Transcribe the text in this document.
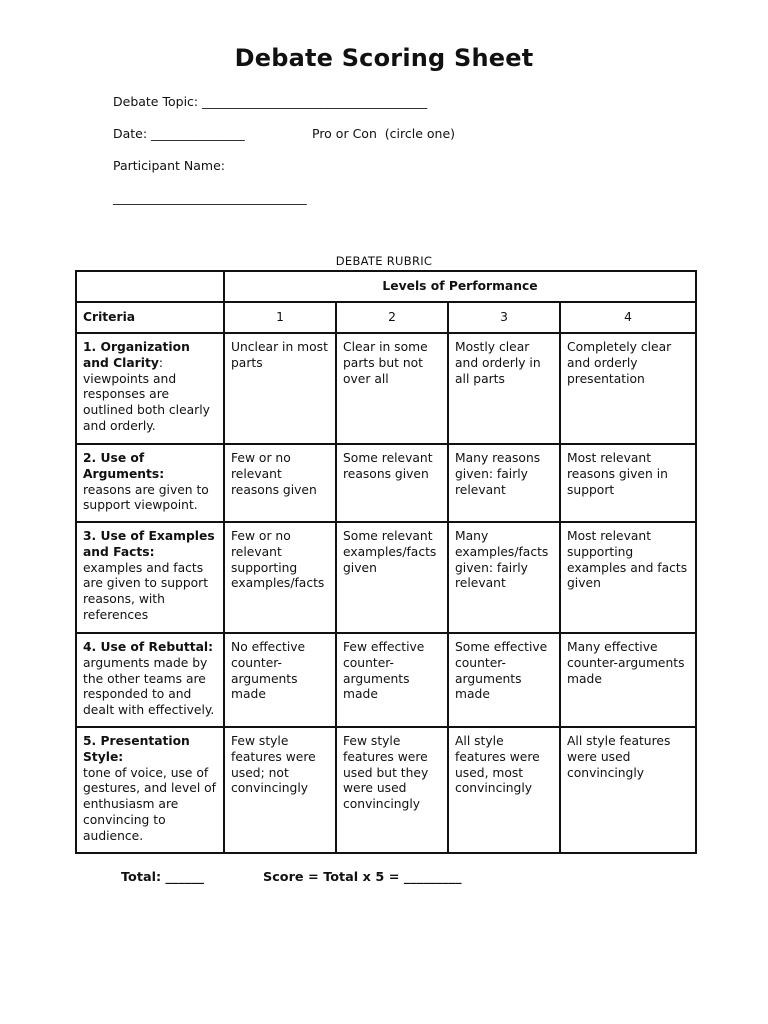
Debate Scoring Sheet
Debate Topic: ____________________________________
Date: _______________	Pro or Con  (circle one)
Participant Name:
_______________________________
DEBATE RUBRIC
	Levels of Performance			
Criteria	1	2	3	4
1. Organization and Clarity:
viewpoints and responses are outlined both clearly and orderly.	Unclear in most parts	Clear in some parts but not over all	Mostly clear and orderly in all parts	Completely clear and orderly presentation
2. Use of Arguments:
reasons are given to support viewpoint.	Few or no relevant reasons given	Some relevant reasons given	Many reasons given: fairly relevant	Most relevant reasons given in support
3. Use of Examples and Facts:
examples and facts are given to support reasons, with references	Few or no relevant supporting examples/facts	Some relevant examples/facts given	Many examples/facts given: fairly relevant	Most relevant supporting examples and facts given
4. Use of Rebuttal:
arguments made by the other teams are responded to and dealt with effectively.	No effective counter-arguments made	Few effective counter-arguments made	Some effective counter-arguments made	Many effective counter-arguments made
5. Presentation Style:
tone of voice, use of gestures, and level of enthusiasm are convincing to audience.	Few style features were used; not convincingly	Few style features were used but they were used convincingly	All style features were used, most convincingly	All style features were used convincingly
Total: ______	Score = Total x 5 = _________
